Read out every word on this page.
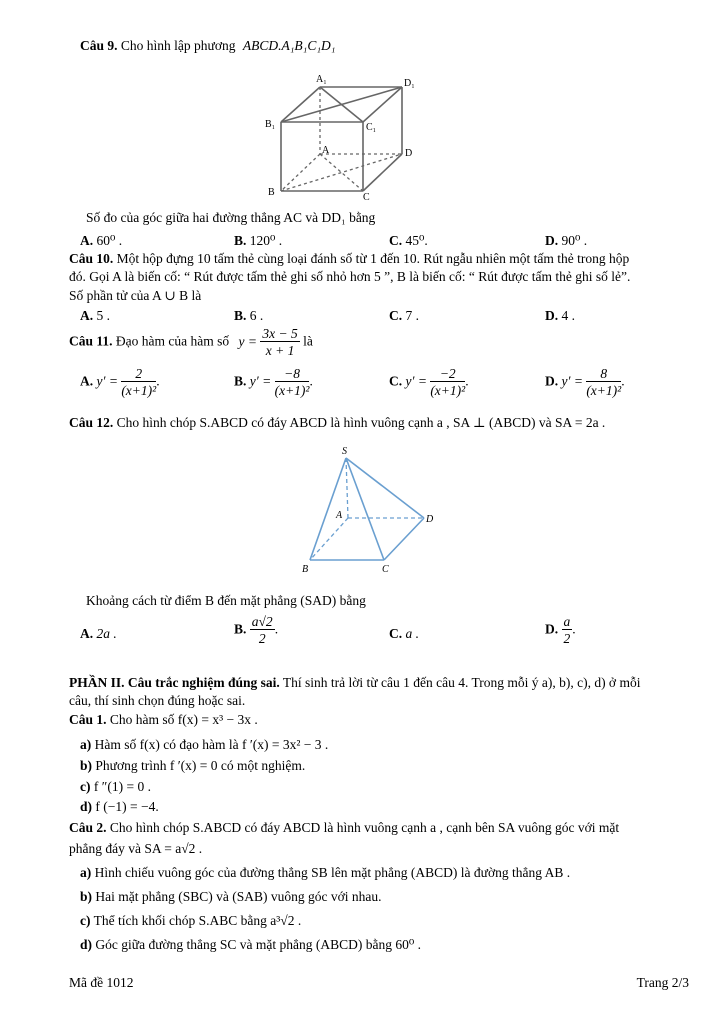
Câu 9. Cho hình lập phương ABCD.A₁B₁C₁D₁
A₁	D₁
B₁	C₁
A	D
B	C
Số đo của góc giữa hai đường thẳng AC và DD₁ bằng
A. 60⁰ .	B. 120⁰ .	C. 45⁰.	D. 90⁰ .
Câu 10. Một hộp đựng 10 tấm thẻ cùng loại đánh số từ 1 đến 10. Rút ngẫu nhiên một tấm thẻ trong hộp
đó. Gọi A là biến cố: “ Rút được tấm thẻ ghi số nhỏ hơn 5 ”, B là biến cố: “ Rút được tấm thẻ ghi số lẻ”.
Số phần tử của A ∪ B là
A. 5 .	B. 6 .	C. 7 .	D. 4 .
Câu 11. Đạo hàm của hàm số $y = \frac{3x - 5}{x + 1}$ là
A. $y' = \frac{2}{\text{(x+1)²}}$ .	B. $y' = \frac{-8}{\text{(x+1)²}}$ .	C. $y' = \frac{-2}{\text{(x+1)²}}$ .	D. $y' = \frac{8}{\text{(x+1)²}}$ .
Câu 12. Cho hình chóp S.ABCD có đáy ABCD là hình vuông cạnh a , SA ⊥ (ABCD) và SA = 2a .
S
A	D
B	C
Khoảng cách từ điểm B đến mặt phẳng (SAD) bằng
A. 2a .	B. $\frac{a√2}{2}$ .	C. a .	D. $\frac{a}{2}$ .
PHẦN II. Câu trắc nghiệm đúng sai. Thí sinh trả lời từ câu 1 đến câu 4. Trong mỗi ý a), b), c), d) ở mỗi
câu, thí sinh chọn đúng hoặc sai.
Câu 1. Cho hàm số f(x) = x³ − 3x .
a) Hàm số f(x) có đạo hàm là f ′(x) = 3x² − 3 .
b) Phương trình f ′(x) = 0 có một nghiệm.
c) f ″(1) = 0 .
d) f (−1) = −4.
Câu 2. Cho hình chóp S.ABCD có đáy ABCD là hình vuông cạnh a , cạnh bên SA vuông góc với mặt
phẳng đáy và SA = a√2 .
a) Hình chiếu vuông góc của đường thẳng SB lên mặt phẳng (ABCD) là đường thẳng AB .
b) Hai mặt phẳng (SBC) và (SAB) vuông góc với nhau.
c) Thể tích khối chóp S.ABC bằng a³√2 .
d) Góc giữa đường thẳng SC và mặt phẳng (ABCD) bằng 60⁰ .
Mã đề 1012	Trang 2/3
